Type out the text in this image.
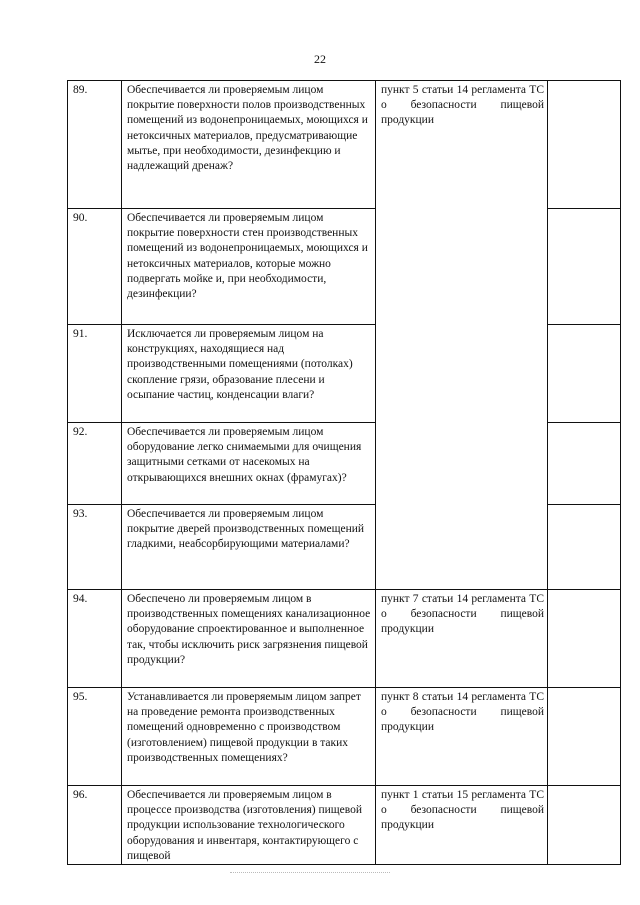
22
89.	Обеспечивается ли проверяемым лицом покрытие поверхности полов производственных помещений из водонепроницаемых, моющихся и нетоксичных материалов, предусматривающие мытье, при необходимости, дезинфекцию и надлежащий дренаж?	пункт 5 статьи 14 регламента ТС о безопасности пищевой продукции	
90.	Обеспечивается ли проверяемым лицом покрытие поверхности стен производственных помещений из водонепроницаемых, моющихся и нетоксичных материалов, которые можно подвергать мойке и, при необходимости, дезинфекции?		
91.	Исключается ли проверяемым лицом на конструкциях, находящиеся над производственными помещениями (потолках) скопление грязи, образование плесени и осыпание частиц, конденсации влаги?		
92.	Обеспечивается ли проверяемым лицом оборудование легко снимаемыми для очищения защитными сетками от насекомых на открывающихся внешних окнах (фрамугах)?		
93.	Обеспечивается ли проверяемым лицом покрытие дверей производственных помещений гладкими, неабсорбирующими материалами?		
94.	Обеспечено ли проверяемым лицом в производственных помещениях канализационное оборудование спроектированное и выполненное так, чтобы исключить риск загрязнения пищевой продукции?	пункт 7 статьи 14 регламента ТС о безопасности пищевой продукции	
95.	Устанавливается ли проверяемым лицом запрет на проведение ремонта производственных помещений одновременно с производством (изготовлением) пищевой продукции в таких производственных помещениях?	пункт 8 статьи 14 регламента ТС о безопасности пищевой продукции	
96.	Обеспечивается ли проверяемым лицом в процессе производства (изготовления) пищевой продукции использование технологического оборудования и инвентаря, контактирующего с пищевой	пункт 1 статьи 15 регламента ТС о безопасности пищевой продукции	
